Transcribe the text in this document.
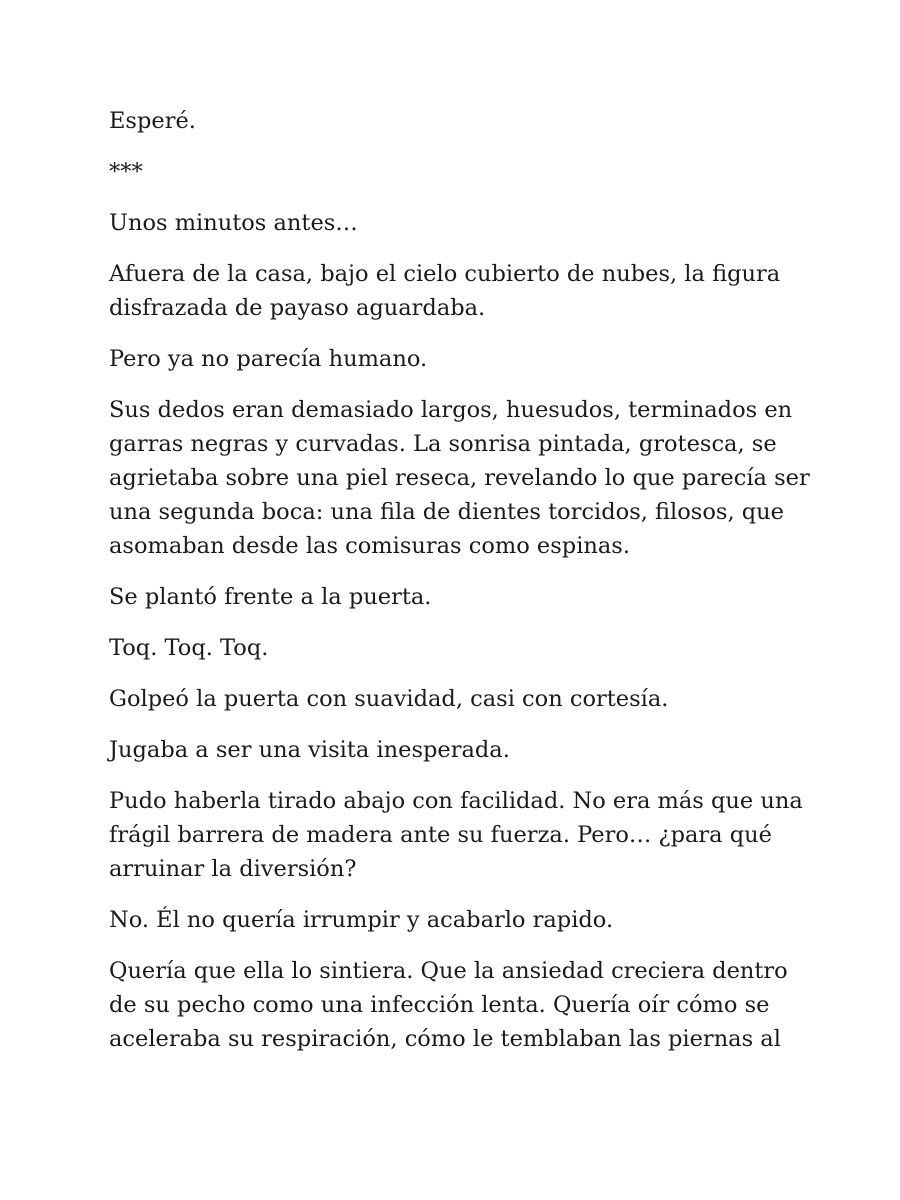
Esperé.

***

Unos minutos antes…

Afuera de la casa, bajo el cielo cubierto de nubes, la figura
disfrazada de payaso aguardaba.

Pero ya no parecía humano.

Sus dedos eran demasiado largos, huesudos, terminados en
garras negras y curvadas. La sonrisa pintada, grotesca, se
agrietaba sobre una piel reseca, revelando lo que parecía ser
una segunda boca: una fila de dientes torcidos, filosos, que
asomaban desde las comisuras como espinas.

Se plantó frente a la puerta.

Toq. Toq. Toq.

Golpeó la puerta con suavidad, casi con cortesía.

Jugaba a ser una visita inesperada.

Pudo haberla tirado abajo con facilidad. No era más que una
frágil barrera de madera ante su fuerza. Pero… ¿para qué
arruinar la diversión?

No. Él no quería irrumpir y acabarlo rapido.

Quería que ella lo sintiera. Que la ansiedad creciera dentro
de su pecho como una infección lenta. Quería oír cómo se
aceleraba su respiración, cómo le temblaban las piernas al
